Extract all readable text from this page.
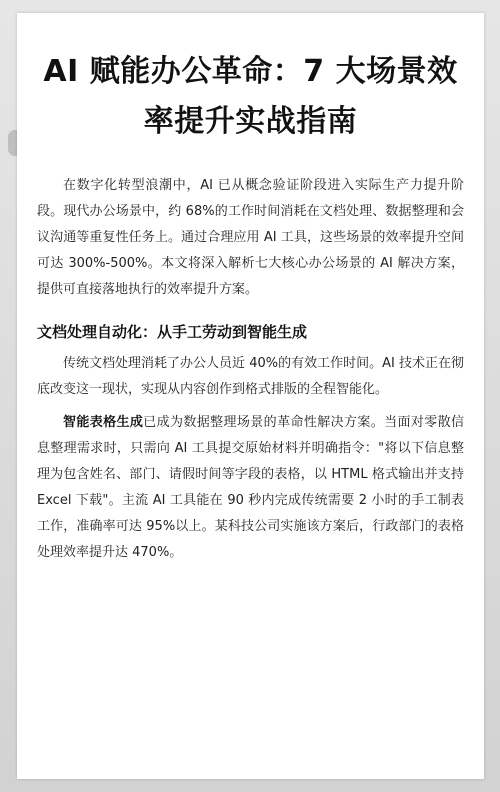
AI 赋能办公革命：7 大场景效率提升实战指南

在数字化转型浪潮中，AI 已从概念验证阶段进入实际生产力提升阶段。现代办公场景中，约 68%的工作时间消耗在文档处理、数据整理和会议沟通等重复性任务上。通过合理应用 AI 工具，这些场景的效率提升空间可达 300%-500%。本文将深入解析七大核心办公场景的 AI 解决方案，提供可直接落地执行的效率提升方案。

文档处理自动化：从手工劳动到智能生成

传统文档处理消耗了办公人员近 40%的有效工作时间。AI 技术正在彻底改变这一现状，实现从内容创作到格式排版的全程智能化。

智能表格生成已成为数据整理场景的革命性解决方案。当面对零散信息整理需求时，只需向 AI 工具提交原始材料并明确指令："将以下信息整理为包含姓名、部门、请假时间等字段的表格，以 HTML 格式输出并支持 Excel 下载"。主流 AI 工具能在 90 秒内完成传统需要 2 小时的手工制表工作，准确率可达 95%以上。某科技公司实施该方案后，行政部门的表格处理效率提升达 470%。
